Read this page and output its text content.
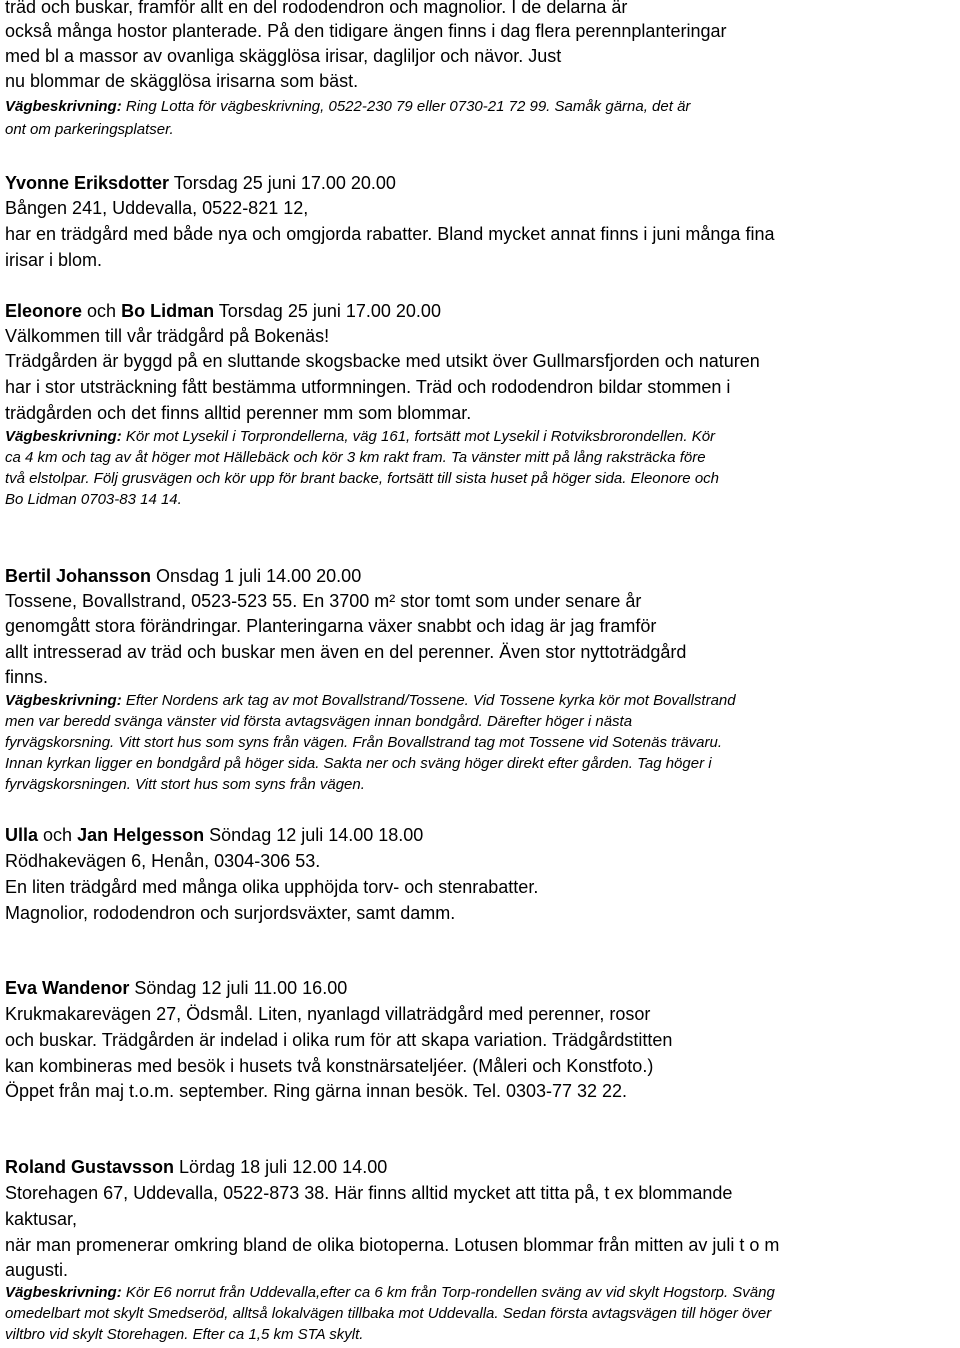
träd och buskar, framför allt en del rododendron och magnolior. I de delarna är
också många hostor planterade. På den tidigare ängen finns i dag flera perennplanteringar
med bl a massor av ovanliga skägglösa irisar, dagliljor och nävor. Just
nu blommar de skägglösa irisarna som bäst.
Vägbeskrivning: Ring Lotta för vägbeskrivning, 0522-230 79 eller 0730-21 72 99. Samåk gärna, det är
ont om parkeringsplatser.
Yvonne Eriksdotter Torsdag 25 juni 17.00 20.00
Bången 241, Uddevalla, 0522-821 12,
har en trädgård med både nya och omgjorda rabatter. Bland mycket annat finns i juni många fina
irisar i blom.
Eleonore och Bo Lidman Torsdag 25 juni 17.00 20.00
Välkommen till vår trädgård på Bokenäs!
Trädgården är byggd på en sluttande skogsbacke med utsikt över Gullmarsfjorden och naturen
har i stor utsträckning fått bestämma utformningen. Träd och rododendron bildar stommen i
trädgården och det finns alltid perenner mm som blommar.
Vägbeskrivning: Kör mot Lysekil i Torprondellerna, väg 161, fortsätt mot Lysekil i Rotviksbrorondellen. Kör
ca 4 km och tag av åt höger mot Hällebäck och kör 3 km rakt fram. Ta vänster mitt på lång raksträcka före
två elstolpar. Följ grusvägen och kör upp för brant backe, fortsätt till sista huset på höger sida. Eleonore och
Bo Lidman 0703-83 14 14.
Bertil Johansson Onsdag 1 juli 14.00 20.00
Tossene, Bovallstrand, 0523-523 55. En 3700 m² stor tomt som under senare år
genomgått stora förändringar. Planteringarna växer snabbt och idag är jag framför
allt intresserad av träd och buskar men även en del perenner. Även stor nyttoträdgård
finns.
Vägbeskrivning: Efter Nordens ark tag av mot Bovallstrand/Tossene. Vid Tossene kyrka kör mot Bovallstrand
men var beredd svänga vänster vid första avtagsvägen innan bondgård. Därefter höger i nästa
fyrvägskorsning. Vitt stort hus som syns från vägen. Från Bovallstrand tag mot Tossene vid Sotenäs trävaru.
Innan kyrkan ligger en bondgård på höger sida. Sakta ner och sväng höger direkt efter gården. Tag höger i
fyrvägskorsningen. Vitt stort hus som syns från vägen.
Ulla och Jan Helgesson Söndag 12 juli 14.00 18.00
Rödhakevägen 6, Henån, 0304-306 53.
En liten trädgård med många olika upphöjda torv- och stenrabatter.
Magnolior, rododendron och surjordsväxter, samt damm.
Eva Wandenor Söndag 12 juli 11.00 16.00
Krukmakarevägen 27, Ödsmål. Liten, nyanlagd villaträdgård med perenner, rosor
och buskar. Trädgården är indelad i olika rum för att skapa variation. Trädgårdstitten
kan kombineras med besök i husets två konstnärsateljéer. (Måleri och Konstfoto.)
Öppet från maj t.o.m. september. Ring gärna innan besök. Tel. 0303-77 32 22.
Roland Gustavsson Lördag 18 juli 12.00 14.00
Storehagen 67, Uddevalla, 0522-873 38. Här finns alltid mycket att titta på, t ex blommande
kaktusar,
när man promenerar omkring bland de olika biotoperna. Lotusen blommar från mitten av juli t o m
augusti.
Vägbeskrivning: Kör E6 norrut från Uddevalla,efter ca 6 km från Torp-rondellen sväng av vid skylt Hogstorp. Sväng
omedelbart mot skylt Smedseröd, alltså lokalvägen tillbaka mot Uddevalla. Sedan första avtagsvägen till höger över
viltbro vid skylt Storehagen. Efter ca 1,5 km STA skylt.
